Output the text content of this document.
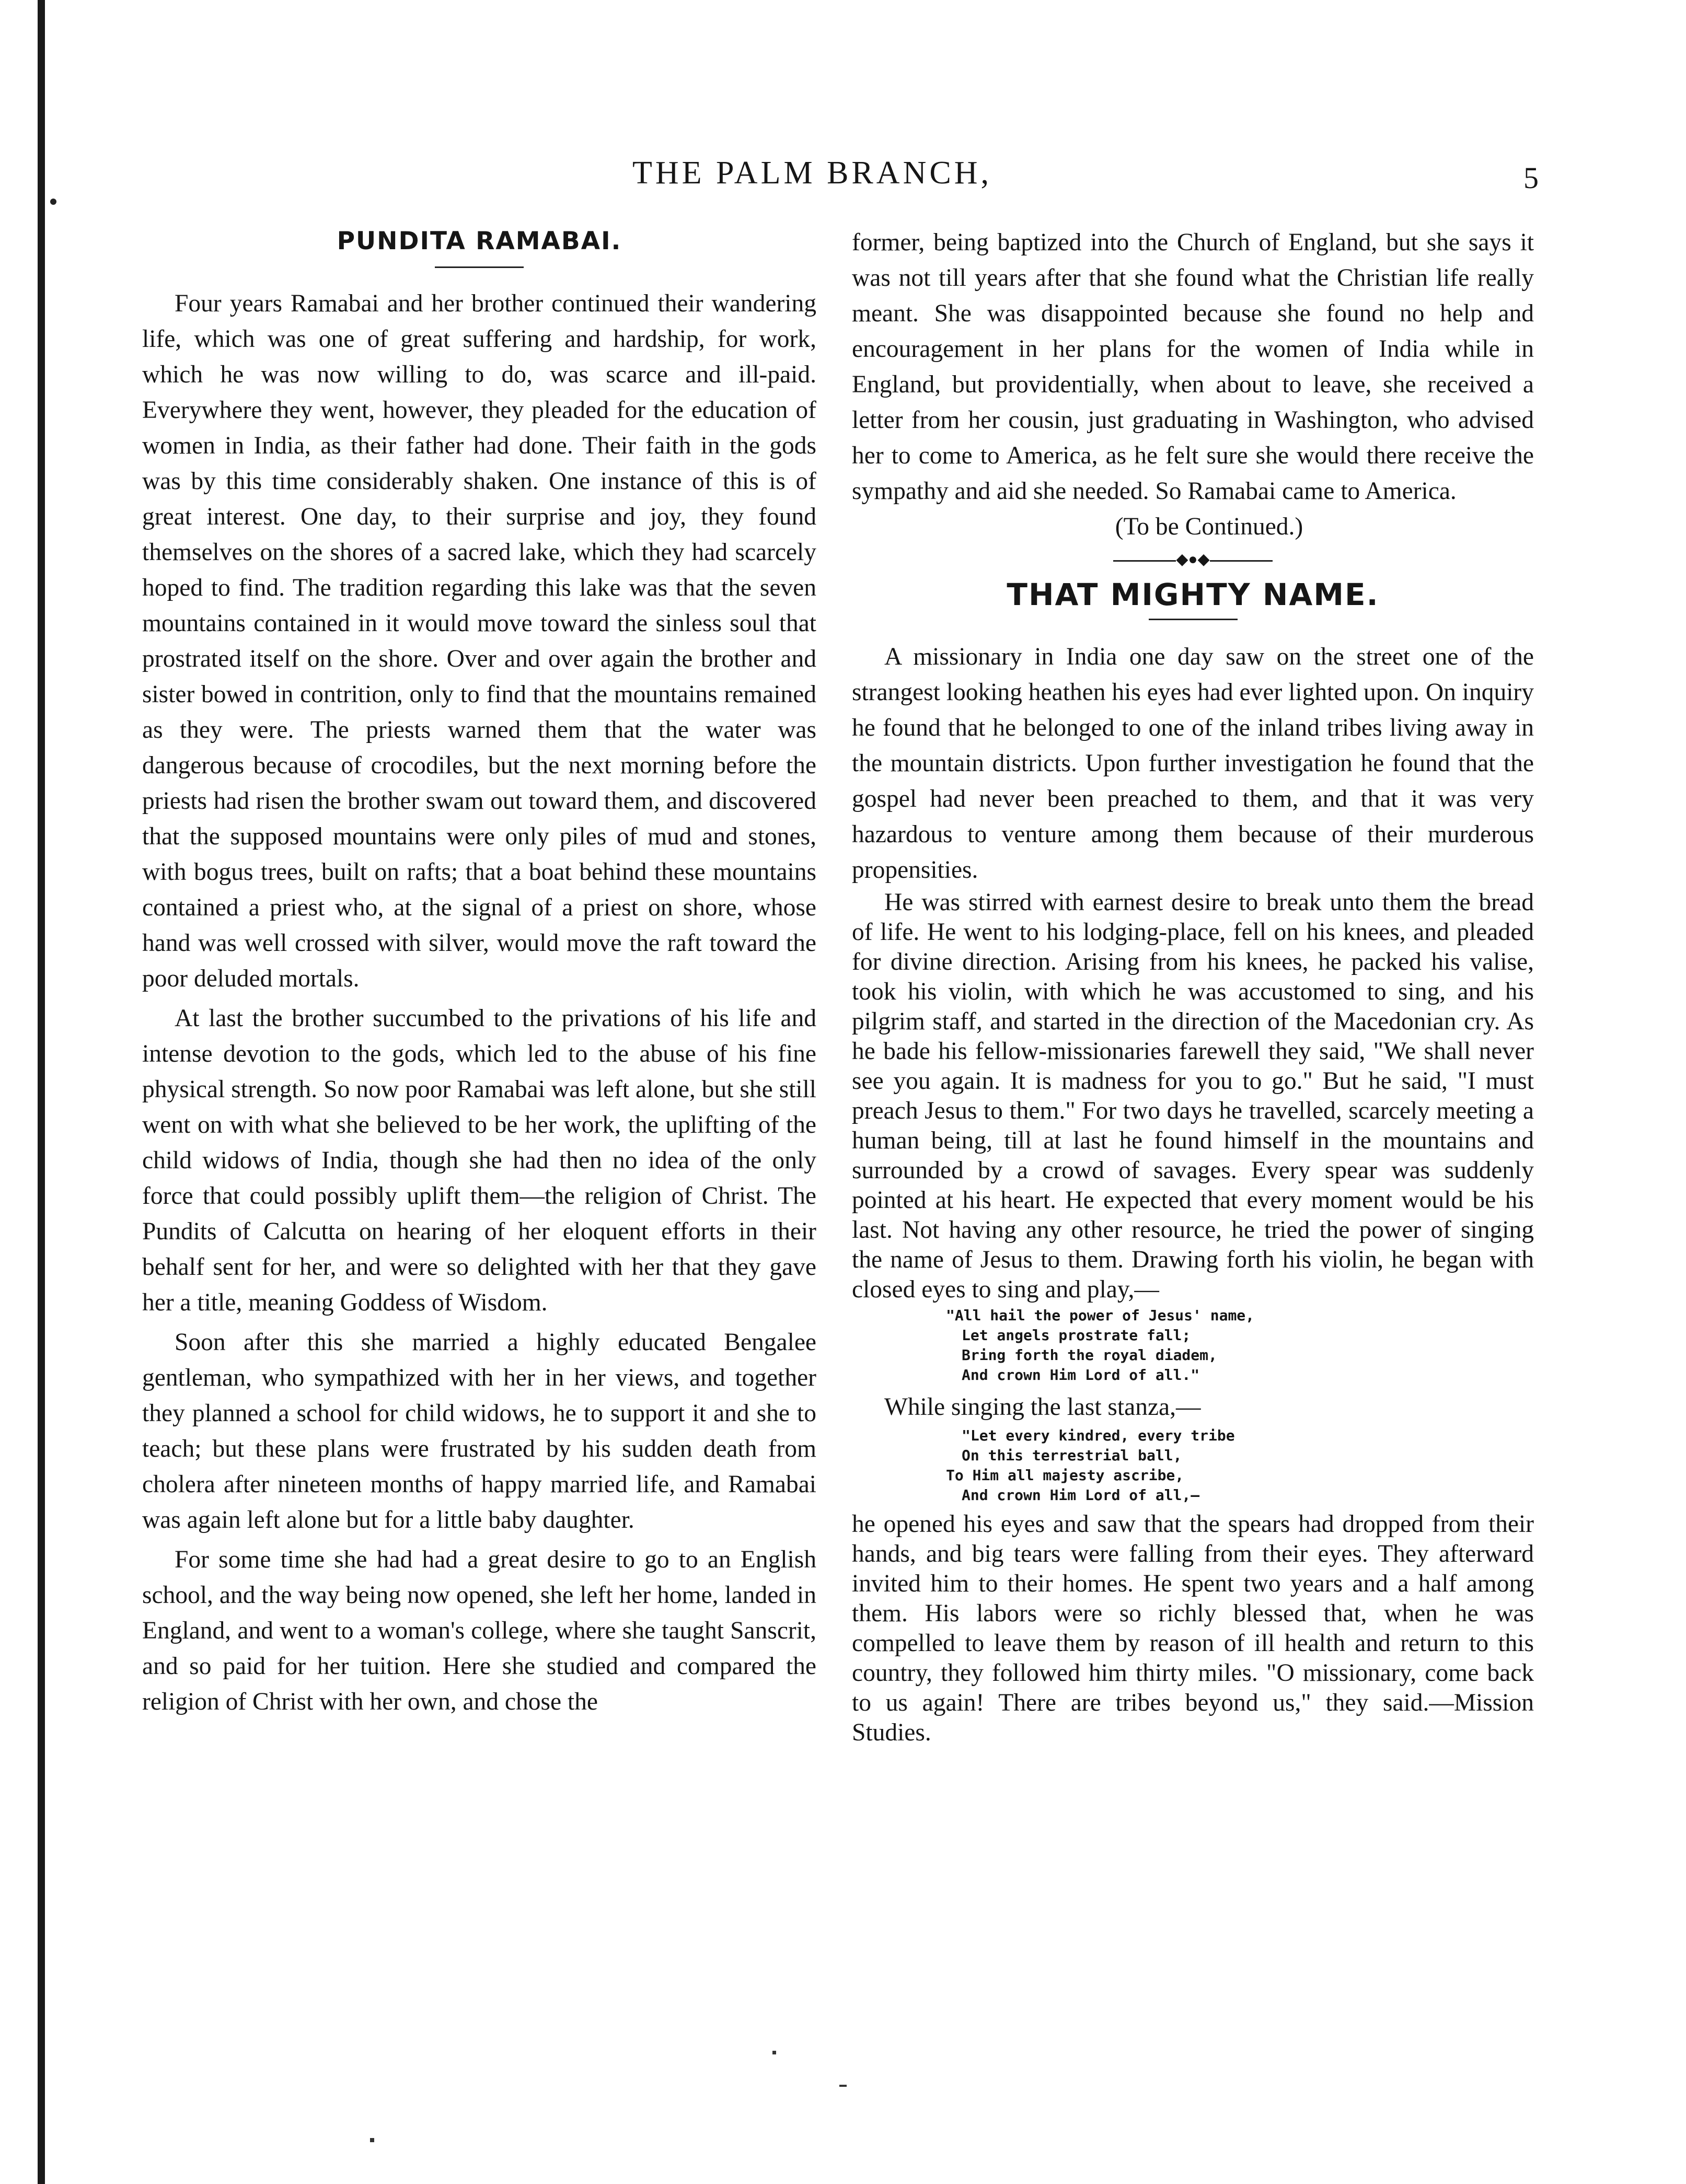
THE PALM BRANCH,	5
PUNDITA RAMABAI.

Four years Ramabai and her brother continued their wandering life, which was one of great suffering and hardship, for work, which he was now willing to do, was scarce and ill-paid. Everywhere they went, however, they pleaded for the education of women in India, as their father had done. Their faith in the gods was by this time considerably shaken. One instance of this is of great interest. One day, to their surprise and joy, they found themselves on the shores of a sacred lake, which they had scarcely hoped to find. The tradition regarding this lake was that the seven mountains contained in it would move toward the sinless soul that prostrated itself on the shore. Over and over again the brother and sister bowed in contrition, only to find that the mountains remained as they were. The priests warned them that the water was dangerous because of crocodiles, but the next morning before the priests had risen the brother swam out toward them, and discovered that the supposed mountains were only piles of mud and stones, with bogus trees, built on rafts; that a boat behind these mountains contained a priest who, at the signal of a priest on shore, whose hand was well crossed with silver, would move the raft toward the poor deluded mortals.

At last the brother succumbed to the privations of his life and intense devotion to the gods, which led to the abuse of his fine physical strength. So now poor Ramabai was left alone, but she still went on with what she believed to be her work, the uplifting of the child widows of India, though she had then no idea of the only force that could possibly uplift them—the religion of Christ. The Pundits of Calcutta on hearing of her eloquent efforts in their behalf sent for her, and were so delighted with her that they gave her a title, meaning Goddess of Wisdom.

Soon after this she married a highly educated Bengalee gentleman, who sympathized with her in her views, and together they planned a school for child widows, he to support it and she to teach; but these plans were frustrated by his sudden death from cholera after nineteen months of happy married life, and Ramabai was again left alone but for a little baby daughter.

For some time she had had a great desire to go to an English school, and the way being now opened, she left her home, landed in England, and went to a woman's college, where she taught Sanscrit, and so paid for her tuition. Here she studied and compared the religion of Christ with her own, and chose the

former, being baptized into the Church of England, but she says it was not till years after that she found what the Christian life really meant. She was disappointed because she found no help and encouragement in her plans for the women of India while in England, but providentially, when about to leave, she received a letter from her cousin, just graduating in Washington, who advised her to come to America, as he felt sure she would there receive the sympathy and aid she needed. So Ramabai came to America.

(To be Continued.)

◆●◆
THAT MIGHTY NAME.

A missionary in India one day saw on the street one of the strangest looking heathen his eyes had ever lighted upon. On inquiry he found that he belonged to one of the inland tribes living away in the mountain districts. Upon further investigation he found that the gospel had never been preached to them, and that it was very hazardous to venture among them because of their murderous propensities.

He was stirred with earnest desire to break unto them the bread of life. He went to his lodging-place, fell on his knees, and pleaded for divine direction. Arising from his knees, he packed his valise, took his violin, with which he was accustomed to sing, and his pilgrim staff, and started in the direction of the Macedonian cry. As he bade his fellow-missionaries farewell they said, "We shall never see you again. It is madness for you to go." But he said, "I must preach Jesus to them." For two days he travelled, scarcely meeting a human being, till at last he found himself in the mountains and surrounded by a crowd of savages. Every spear was suddenly pointed at his heart. He expected that every moment would be his last. Not having any other resource, he tried the power of singing the name of Jesus to them. Drawing forth his violin, he began with closed eyes to sing and play,—

"All hail the power of Jesus' name,
Let angels prostrate fall;
Bring forth the royal diadem,
And crown Him Lord of all."

While singing the last stanza,—

"Let every kindred, every tribe
On this terrestrial ball,
To Him all majesty ascribe,
And crown Him Lord of all,—

he opened his eyes and saw that the spears had dropped from their hands, and big tears were falling from their eyes. They afterward invited him to their homes. He spent two years and a half among them. His labors were so richly blessed that, when he was compelled to leave them by reason of ill health and return to this country, they followed him thirty miles. "O missionary, come back to us again! There are tribes beyond us," they said.—Mission Studies.
